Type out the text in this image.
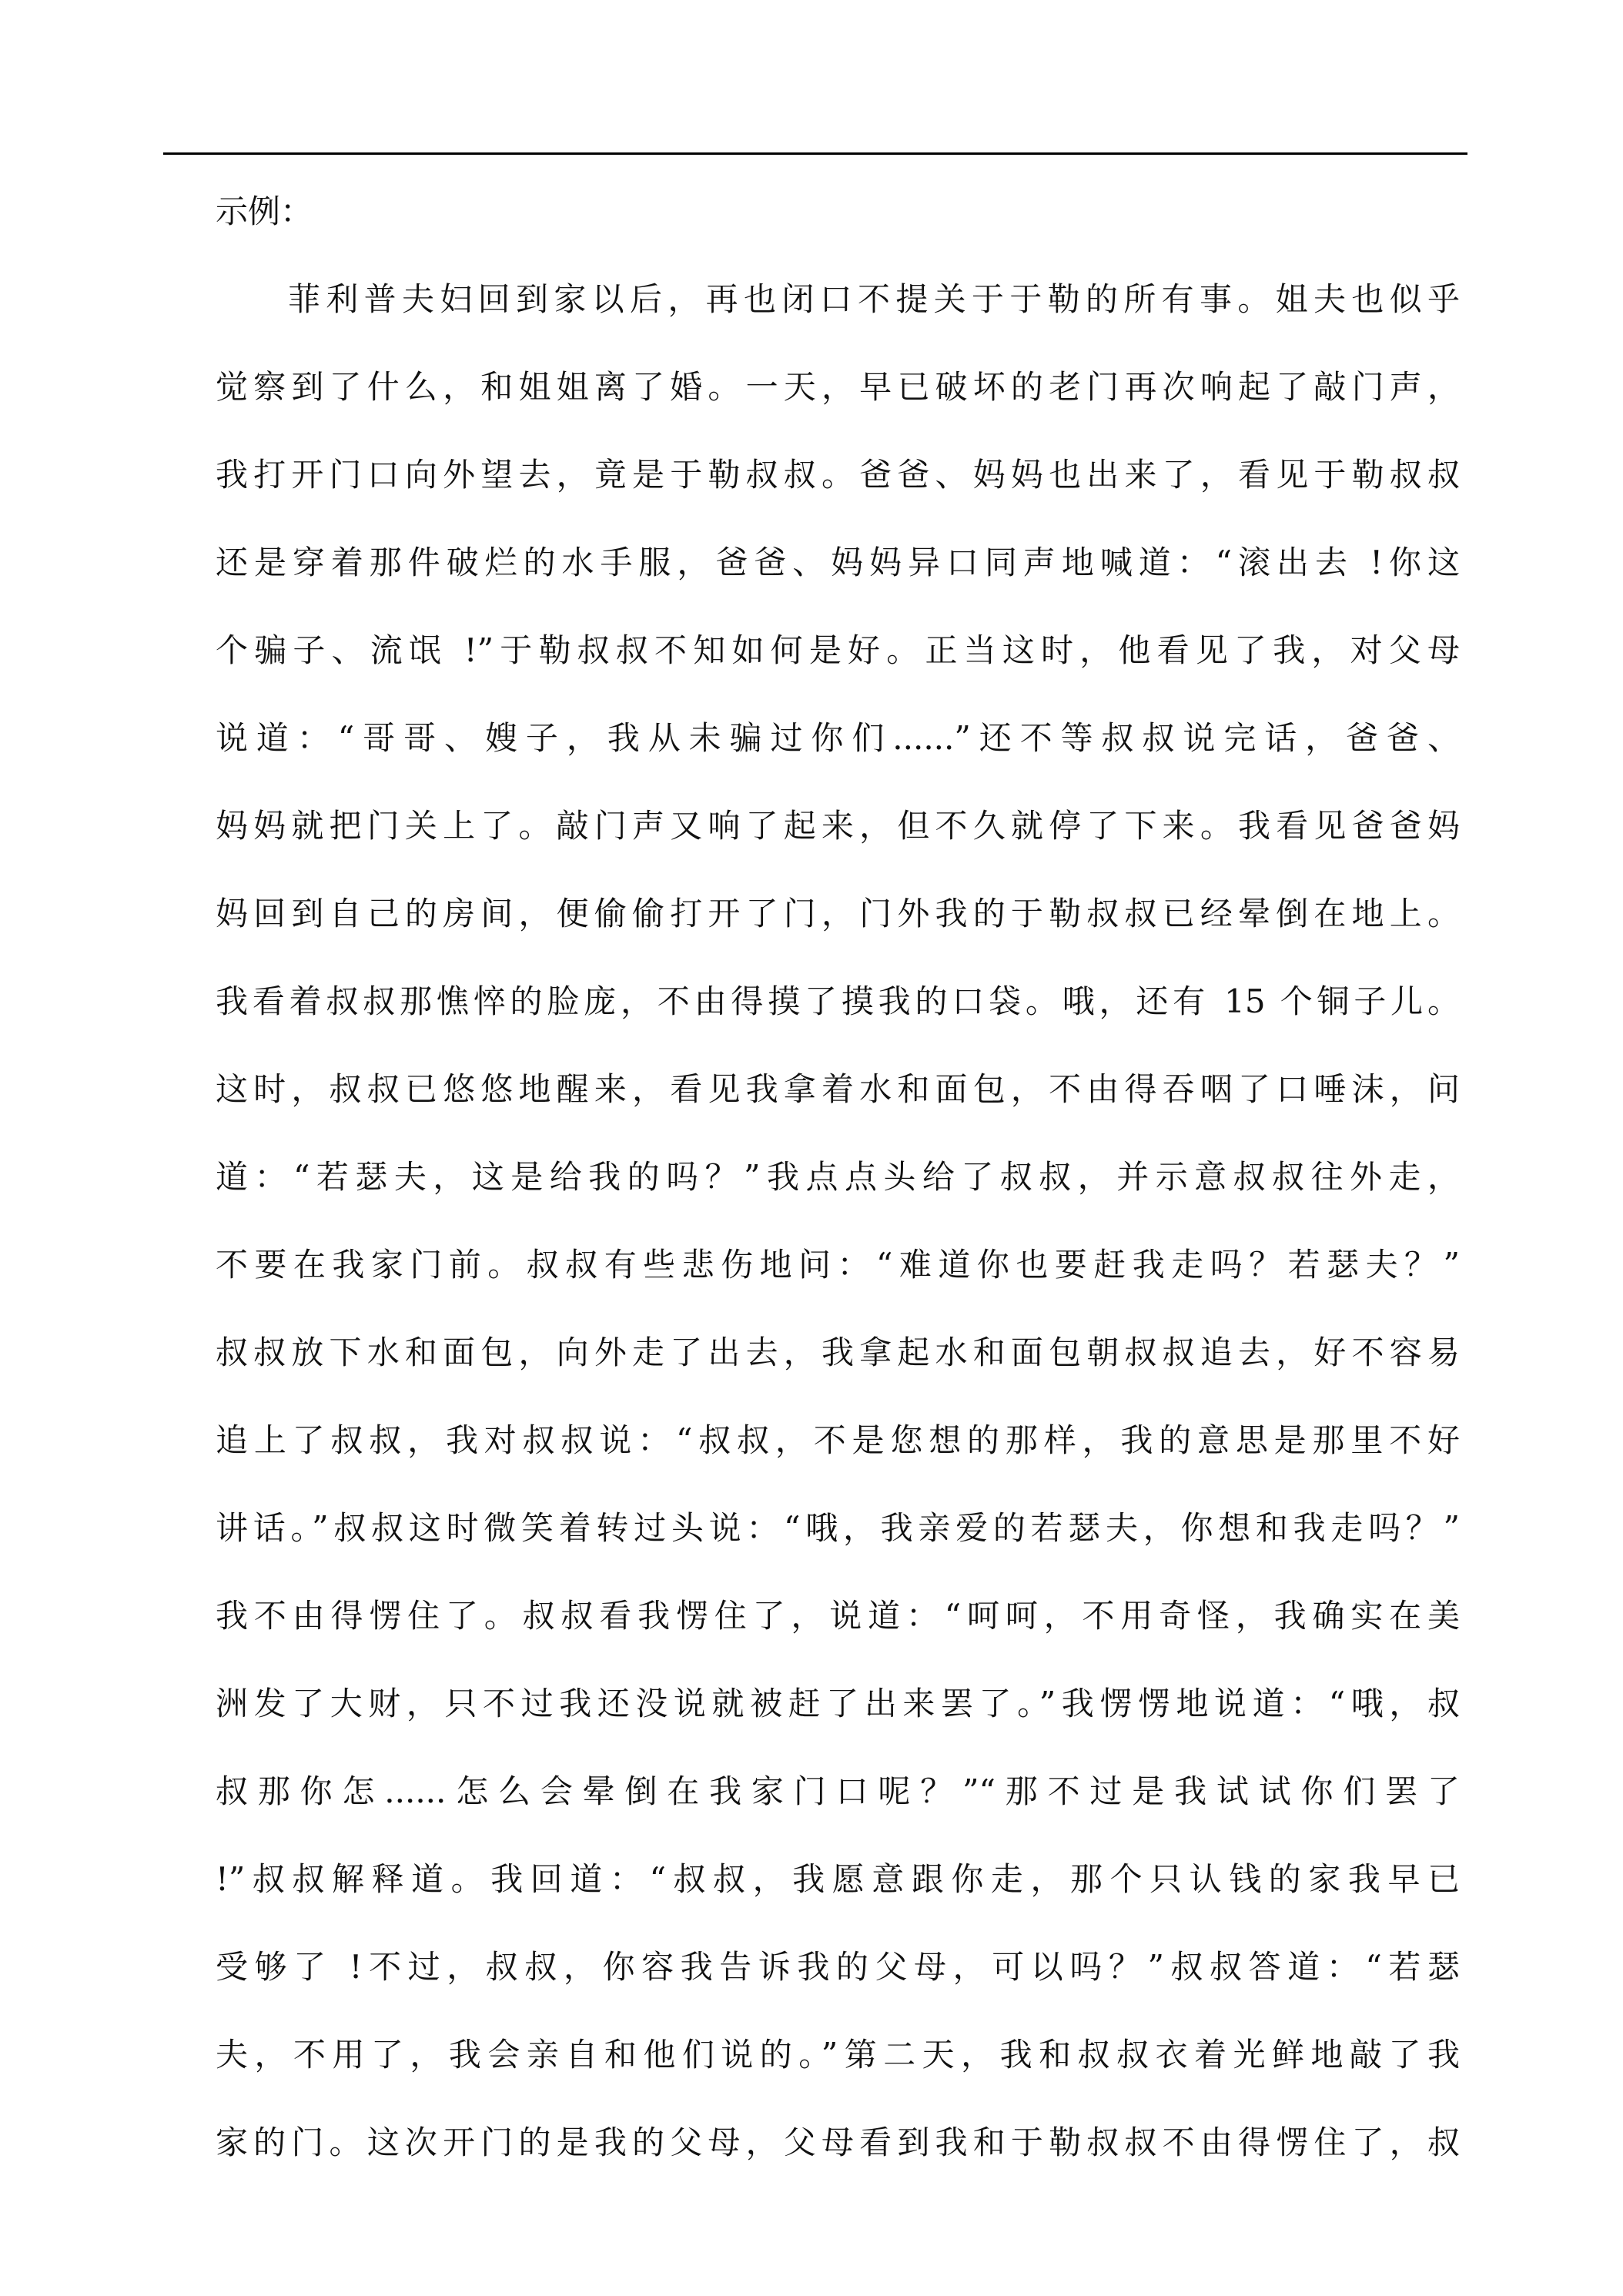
示例：
菲利普夫妇回到家以后，再也闭口不提关于于勒的所有事。姐夫也似乎
觉察到了什么，和姐姐离了婚。一天，早已破坏的老门再次响起了敲门声，
我打开门口向外望去，竟是于勒叔叔。爸爸、妈妈也出来了，看见于勒叔叔
还是穿着那件破烂的水手服，爸爸、妈妈异口同声地喊道：“滚出去 !你这
个骗子、流氓 !”于勒叔叔不知如何是好。正当这时，他看见了我，对父母
说道：“哥哥、嫂子，我从未骗过你们......”还不等叔叔说完话，爸爸、
妈妈就把门关上了。敲门声又响了起来，但不久就停了下来。我看见爸爸妈
妈回到自己的房间，便偷偷打开了门，门外我的于勒叔叔已经晕倒在地上。
我看着叔叔那憔悴的脸庞，不由得摸了摸我的口袋。哦，还有 15 个铜子儿。
这时，叔叔已悠悠地醒来，看见我拿着水和面包，不由得吞咽了口唾沫，问
道：“若瑟夫，这是给我的吗？”我点点头给了叔叔，并示意叔叔往外走，
不要在我家门前。叔叔有些悲伤地问：“难道你也要赶我走吗？若瑟夫？”
叔叔放下水和面包，向外走了出去，我拿起水和面包朝叔叔追去，好不容易
追上了叔叔，我对叔叔说：“叔叔，不是您想的那样，我的意思是那里不好
讲话。”叔叔这时微笑着转过头说：“哦，我亲爱的若瑟夫，你想和我走吗？”
我不由得愣住了。叔叔看我愣住了，说道：“呵呵，不用奇怪，我确实在美
洲发了大财，只不过我还没说就被赶了出来罢了。”我愣愣地说道：“哦，叔
叔那你怎......怎么会晕倒在我家门口呢？”“那不过是我试试你们罢了
!”叔叔解释道。我回道：“叔叔，我愿意跟你走，那个只认钱的家我早已
受够了 !不过，叔叔，你容我告诉我的父母，可以吗？”叔叔答道：“若瑟
夫，不用了，我会亲自和他们说的。”第二天，我和叔叔衣着光鲜地敲了我
家的门。这次开门的是我的父母，父母看到我和于勒叔叔不由得愣住了，叔
